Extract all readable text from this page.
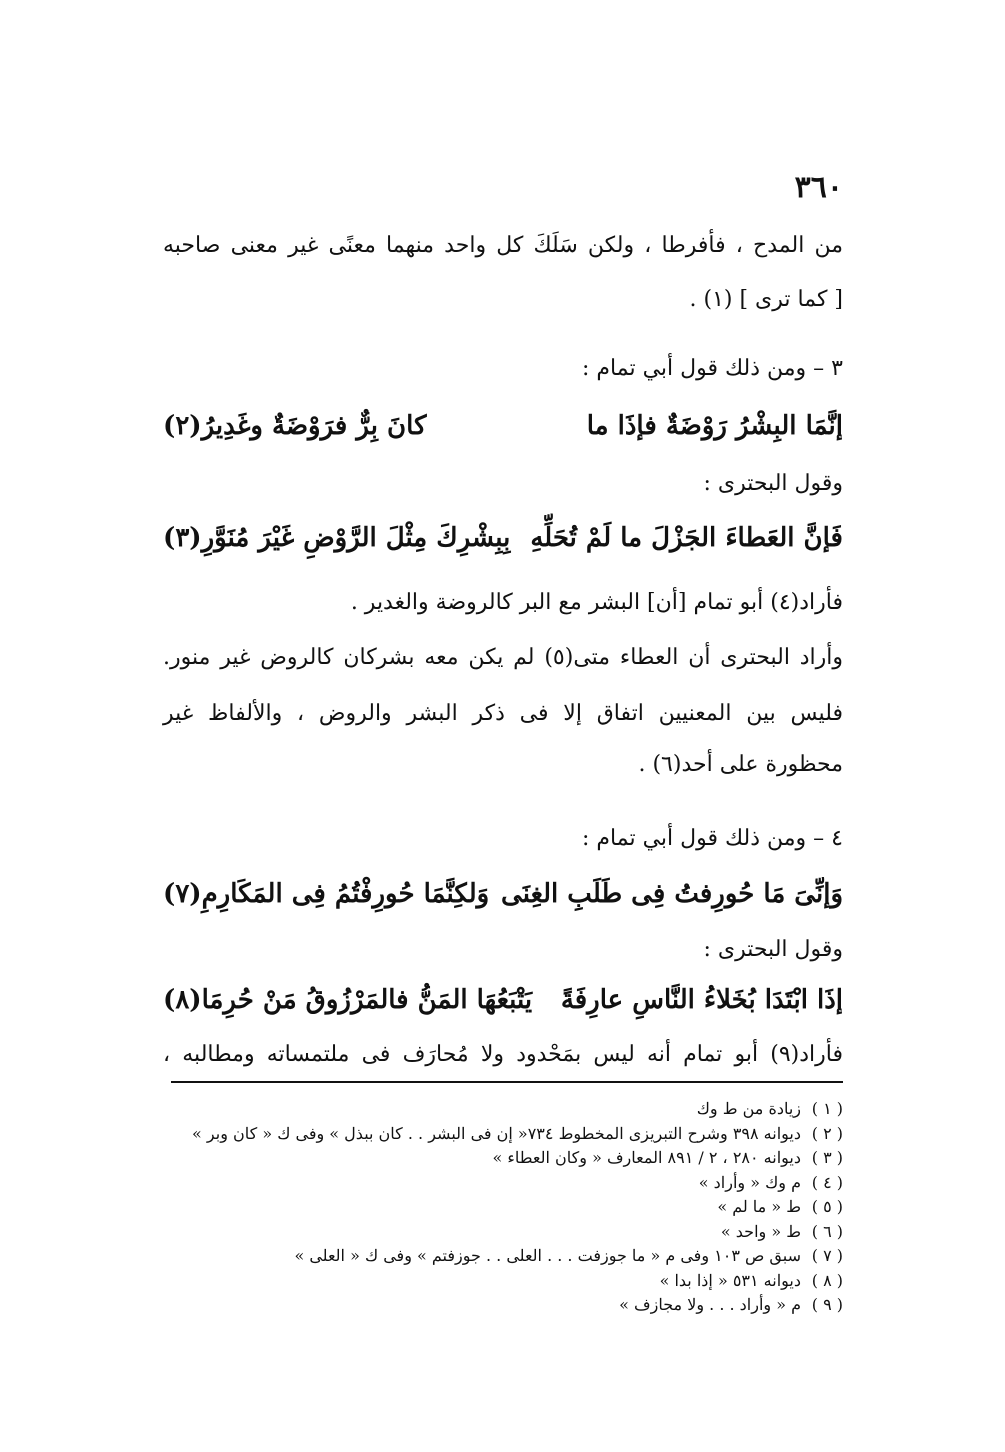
٣٦٠
من المدح ، فأفرطا ، ولكن سَلَكَ كل واحد منهما معنًى غير معنى صاحبه
[ كما ترى ] (١) .
٣ – ومن ذلك قول أبي تمام :
إنَّمَا البِشْرُ رَوْضَةٌ فإذَا ما
كانَ بِرٌّ فرَوْضَةٌ وغَدِيرُ(٢)
وقول البحترى :
فَإنَّ العَطاءَ الجَزْلَ ما لَمْ تُحَلِّهِ
بِبِشْرِكَ مِثْلَ الرَّوْضِ غَيْرَ مُنَوَّرِ(٣)
فأراد(٤) أبو تمام [أن] البشر مع البر كالروضة والغدير .
وأراد البحترى أن العطاء متى(٥) لم يكن معه بشركان كالروض غير منور.
فليس بين المعنيين اتفاق إلا فى ذكر البشر والروض ، والألفاظ غير
محظورة على أحد(٦) .
٤ – ومن ذلك قول أبي تمام :
وَإنِّىَ مَا حُورِفتُ فِى طَلَبِ الغِنَى
وَلكِنَّمَا حُورِفْتُمُ فِى المَكَارِمِ(٧)
وقول البحترى :
إذَا ابْتَدَا بُخَلاءُ النَّاسِ عارِفَةً
يَتْبَعُهَا المَنُّ فالمَرْزُوقُ مَنْ حُرِمَا(٨)
فأراد(٩) أبو تمام أنه ليس بمَحْدود ولا مُحارَف فى ملتمساته ومطالبه ،
( ١ )زيادة من ط وك
( ٢ )ديوانه ٣٩٨ وشرح التبريزى المخطوط ٧٣٤« إن فى البشر . . كان ببذل » وفى ك « كان وبر »
( ٣ )ديوانه ٢٨٠ ، ٢ / ٨٩١ المعارف « وكان العطاء »
( ٤ )م وك « وأراد »
( ٥ )ط « ما لم »
( ٦ )ط « واحد »
( ٧ )سبق ص ١٠٣ وفى م « ما جوزفت . . . العلى . . جوزفتم » وفى ك « العلى »
( ٨ )ديوانه ٥٣١ « إذا بدا »
( ٩ )م « وأراد . . . ولا مجازف »
